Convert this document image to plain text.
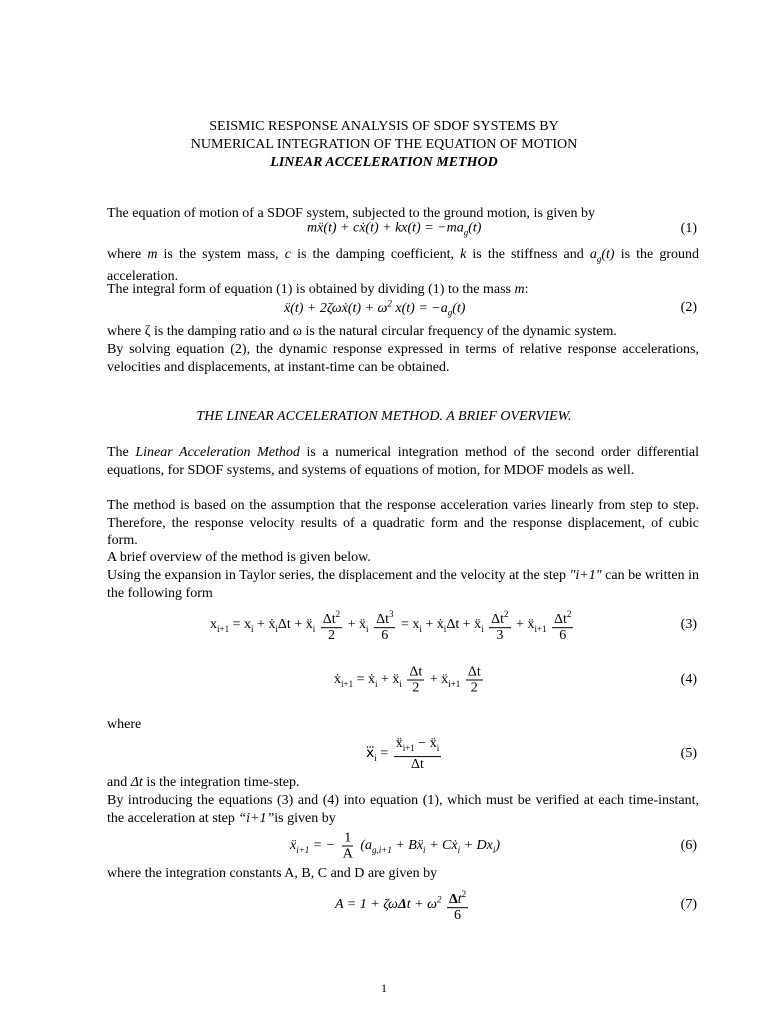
SEISMIC RESPONSE ANALYSIS OF SDOF SYSTEMS BY
NUMERICAL INTEGRATION OF THE EQUATION OF MOTION
LINEAR ACCELERATION METHOD
The equation of motion of a SDOF system, subjected to the ground motion, is given by
mẍ(t) + cẋ(t) + $kx(t) = -ma_g(t)$	(1)
where m is the system mass, c is the damping coefficient, k is the stiffness and $a_g(t)$ is the ground acceleration.
The integral form of equation (1) is obtained by dividing (1) to the mass m:
ẍ(t) + 2ζωẋ(t) + $\omega^2$ $x(t) = -a_g(t)$	(2)
where ζ is the damping ratio and ω is the natural circular frequency of the dynamic system.
By solving equation (2), the dynamic response expressed in terms of relative response accelerations, velocities and displacements, at instant-time can be obtained.
THE LINEAR ACCELERATION METHOD. A BRIEF OVERVIEW.
The Linear Acceleration Method is a numerical integration method of the second order differential equations, for SDOF systems, and systems of equations of motion, for MDOF models as well.
The method is based on the assumption that the response acceleration varies linearly from step to step. Therefore, the response velocity results of a quadratic form and the response displacement, of cubic form.
A brief overview of the method is given below.
Using the expansion in Taylor series, the displacement and the velocity at the step "i+1" can be written in the following form
$x_{i+1} = x_i$ + ẋ$_i$Δt + ẍ$_i$ $\frac{\Delta t^2}{2}$ + ẍ$_i$ $\frac{\Delta t^3}{6} = x_i$ + ẋ$_i$Δt + ẍ$_i$ $\frac{\Delta t^2}{3}$ + ẍ$_{i+1}$ $\frac{\Delta t^2}{6}$	(3)
ẋ$_{i+1}$ = ẋ$_i$ + ẍ$_i$ $\frac{\Delta t}{2}$ + ẍ$_{i+1}$ $\frac{\Delta t}{2}$	(4)
where
$x⃛_i = \frac{ẍ_{i+1} - ẍ_i}{\Delta t}$	(5)
and Δt is the integration time-step.
By introducing the equations (3) and (4) into equation (1), which must be verified at each time-instant, the acceleration at step “i+1”is given by
ẍ$_{i+1}$ = − $\frac{1}{A} (a_{g,i+1}$ + Bẍ$_i$ + Cẋ$_i$ + $Dx_i$)	(6)
where the integration constants A, B, C and D are given by
$A = 1 + \zeta\omega\Delta t + \omega^2 \frac{\Delta t^2}{6}$	(7)
1
